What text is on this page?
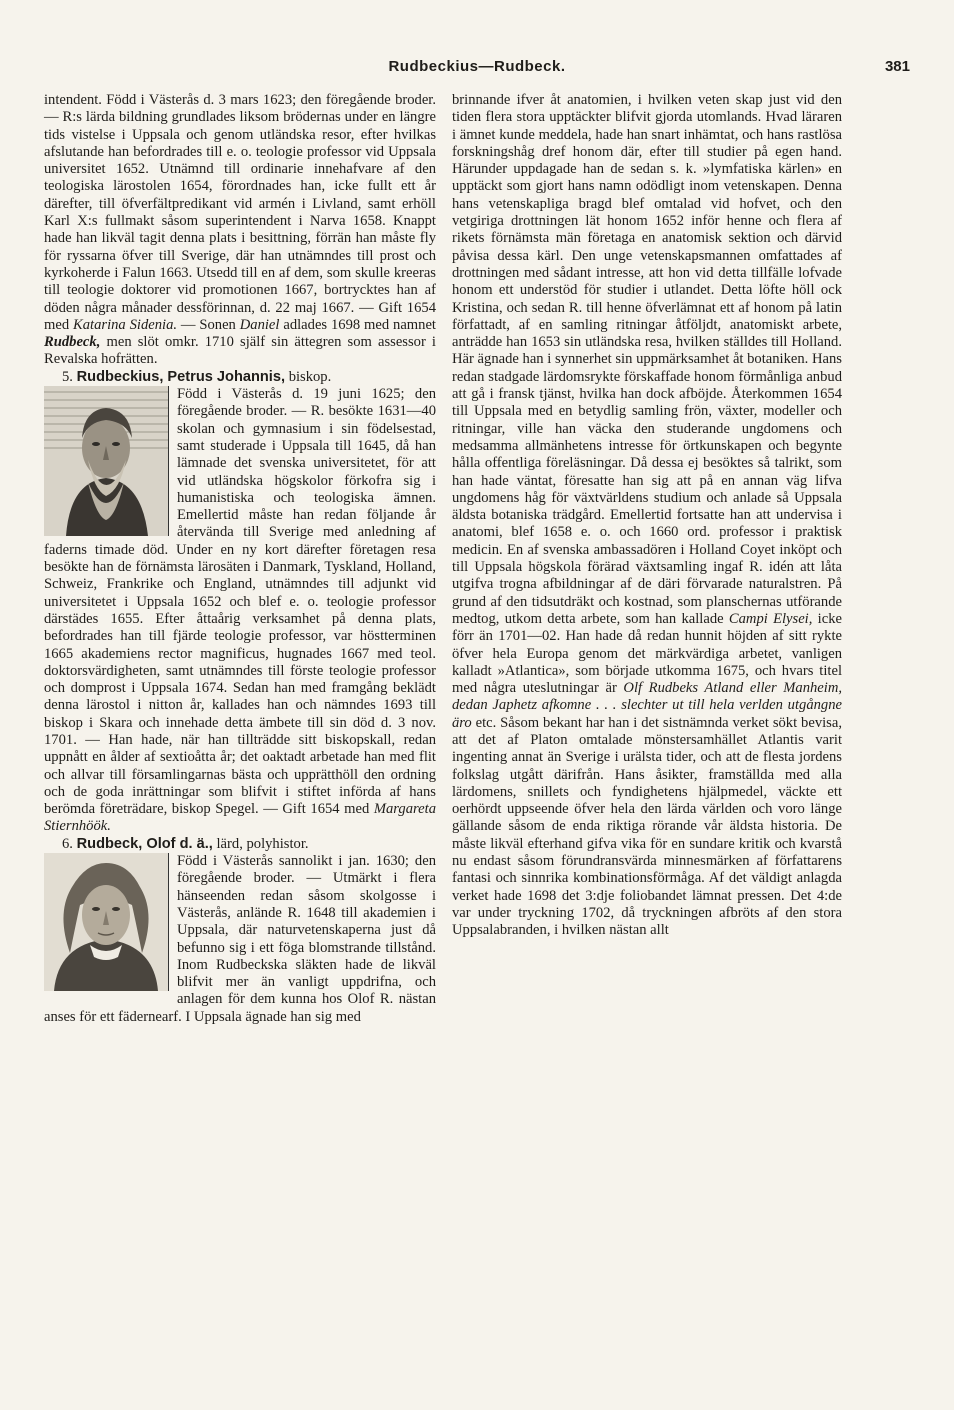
Rudbeckius—Rudbeck.	381

intendent. Född i Västerås d. 3 mars 1623; den föregående broder. — R:s lärda bildning grundlades liksom brödernas under en längre tids vistelse i Uppsala och genom utländska resor, efter hvilkas afslutande han befordrades till e. o. teologie professor vid Uppsala universitet 1652. Utnämnd till ordinarie innehafvare af den teologiska lärostolen 1654, förordnades han, icke fullt ett år därefter, till öfverfältpredikant vid armén i Livland, samt erhöll Karl X:s fullmakt såsom superintendent i Narva 1658. Knappt hade han likväl tagit denna plats i besittning, förrän han måste fly för ryssarna öfver till Sverige, där han utnämndes till prost och kyrkoherde i Falun 1663. Utsedd till en af dem, som skulle kreeras till teologie doktorer vid promotionen 1667, bortrycktes han af döden några månader dessförinnan, d. 22 maj 1667. — Gift 1654 med Katarina Sidenia. — Sonen Daniel adlades 1698 med namnet Rudbeck, men slöt omkr. 1710 själf sin ättegren som assessor i Revalska hofrätten.

5. Rudbeckius, Petrus Johannis, biskop.

Född i Västerås d. 19 juni 1625; den föregående broder. — R. besökte 1631—40 skolan och gymnasium i sin födelsestad, samt studerade i Uppsala till 1645, då han lämnade det svenska universitetet, för att vid utländska högskolor förkofra sig i humanistiska och teologiska ämnen. Emellertid måste han redan följande år återvända till Sverige med anledning af faderns timade död. Under en ny kort därefter företagen resa besökte han de förnämsta lärosäten i Danmark, Tyskland, Holland, Schweiz, Frankrike och England, utnämndes till adjunkt vid universitetet i Uppsala 1652 och blef e. o. teologie professor därstädes 1655. Efter åttaårig verksamhet på denna plats, befordrades han till fjärde teologie professor, var höstterminen 1665 akademiens rector magnificus, hugnades 1667 med teol. doktorsvärdigheten, samt utnämndes till förste teologie professor och domprost i Uppsala 1674. Sedan han med framgång beklädt denna lärostol i nitton år, kallades han och nämndes 1693 till biskop i Skara och innehade detta ämbete till sin död d. 3 nov. 1701. — Han hade, när han tillträdde sitt biskopskall, redan uppnått en ålder af sextioåtta år; det oaktadt arbetade han med flit och allvar till församlingarnas bästa och upprätthöll den ordning och de goda inrättningar som blifvit i stiftet införda af hans berömda företrädare, biskop Spegel. — Gift 1654 med Margareta Stiernhöök.

6. Rudbeck, Olof d. ä., lärd, polyhistor.

Född i Västerås sannolikt i jan. 1630; den föregående broder. — Utmärkt i flera hänseenden redan såsom skolgosse i Västerås, anlände R. 1648 till akademien i Uppsala, där naturvetenskaperna just då befunno sig i ett föga blomstrande tillstånd. Inom Rudbeckska släkten hade de likväl blifvit mer än vanligt uppdrifna, och anlagen för dem kunna hos Olof R. nästan anses för ett fädernearf. I Uppsala ägnade han sig med

brinnande ifver åt anatomien, i hvilken veten skap just vid den tiden flera stora upptäckter blifvit gjorda utomlands. Hvad läraren i ämnet kunde meddela, hade han snart inhämtat, och hans rastlösa forskningshåg dref honom där, efter till studier på egen hand. Härunder uppdagade han de sedan s. k. »lymfatiska kärlen» en upptäckt som gjort hans namn odödligt inom vetenskapen. Denna hans vetenskapliga bragd blef omtalad vid hofvet, och den vetgiriga drottningen lät honom 1652 inför henne och flera af rikets förnämsta män företaga en anatomisk sektion och därvid påvisa dessa kärl. Den unge vetenskapsmannen omfattades af drottningen med sådant intresse, att hon vid detta tillfälle lofvade honom ett understöd för studier i utlandet. Detta löfte höll ock Kristina, och sedan R. till henne öfverlämnat ett af honom på latin författadt, af en samling ritningar åtföljdt, anatomiskt arbete, anträdde han 1653 sin utländska resa, hvilken ställdes till Holland. Här ägnade han i synnerhet sin uppmärksamhet åt botaniken. Hans redan stadgade lärdomsrykte förskaffade honom förmånliga anbud att gå i fransk tjänst, hvilka han dock afböjde. Återkommen 1654 till Uppsala med en betydlig samling frön, växter, modeller och ritningar, ville han väcka den studerande ungdomens och medsamma allmänhetens intresse för örtkunskapen och begynte hålla offentliga föreläsningar. Då dessa ej besöktes så talrikt, som han hade väntat, föresatte han sig att på en annan väg lifva ungdomens håg för växtvärldens studium och anlade så Uppsala äldsta botaniska trädgård. Emellertid fortsatte han att undervisa i anatomi, blef 1658 e. o. och 1660 ord. professor i praktisk medicin. En af svenska ambassadören i Holland Coyet inköpt och till Uppsala högskola förärad växtsamling ingaf R. idén att låta utgifva trogna afbildningar af de däri förvarade naturalstren. På grund af den tidsutdräkt och kostnad, som planschernas utförande medtog, utkom detta arbete, som han kallade Campi Elysei, icke förr än 1701—02. Han hade då redan hunnit höjden af sitt rykte öfver hela Europa genom det märkvärdiga arbetet, vanligen kalladt »Atlantica», som började utkomma 1675, och hvars titel med några uteslutningar är Olf Rudbeks Atland eller Manheim, dedan Japhetz afkomne . . . slechter ut till hela verlden utgångne äro etc. Såsom bekant har han i det sistnämnda verket sökt bevisa, att det af Platon omtalade mönstersamhället Atlantis varit ingenting annat än Sverige i urälsta tider, och att de flesta jordens folkslag utgått därifrån. Hans åsikter, framställda med alla lärdomens, snillets och fyndighetens hjälpmedel, väckte ett oerhördt uppseende öfver hela den lärda världen och voro länge gällande såsom de enda riktiga rörande vår äldsta historia. De måste likväl efterhand gifva vika för en sundare kritik och kvarstå nu endast såsom förundransvärda minnesmärken af författarens fantasi och sinnrika kombinationsförmåga. Af det väldigt anlagda verket hade 1698 det 3:dje foliobandet lämnat pressen. Det 4:de var under tryckning 1702, då tryckningen afbröts af den stora Uppsalabranden, i hvilken nästan allt
